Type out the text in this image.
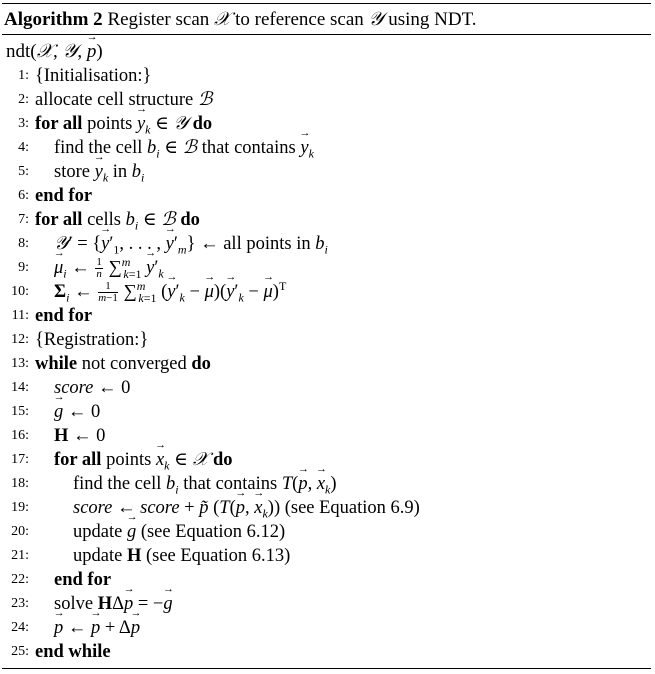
Algorithm 2 Register scan 𝒳 to reference scan 𝒴 using NDT.
ndt(𝒳, 𝒴, → p)
1: {Initialisation:}
2: allocate cell structure ℬ
3: for all points → $y_k$ ∈ 𝒴 do
4: find the cell $b_i$ ∈ ℬ that contains → $y_k$
5: store → $y_k$ in $b_i$
6: end for
7: for all cells $b_i$ ∈ ℬ do
8: 𝒴′ = {→ $y'_1$, . . . , → $y'_m$} ← all points in $b_i$
9: → $\mu_i$ ← $\frac{1}{n} \sum^m_{k=1} \to y'_k$
10: $\Sigma_i$ ← $\frac{1}{m-1} \sum^m_{k=1}$ (→ $y'_k$ − → $\mu)(\to y'_k$ − → μ)$^T$
11: end for
12: {Registration:}
13: while not converged do
14: score ← 0
15: → g ← 0
16: H ← 0
17: for all points → $x_k$ ∈ 𝒳 do
18: find the cell $b_i$ that contains T(→ p, → $x_k$)
19: score ← score + p̃ (T(→ p, → $x_k$)) (see Equation 6.9)
20: update → g (see Equation 6.12)
21: update H (see Equation 6.13)
22: end for
23: solve HΔ→ p = −→ g
24: → p ← → p + Δ→ p
25: end while
